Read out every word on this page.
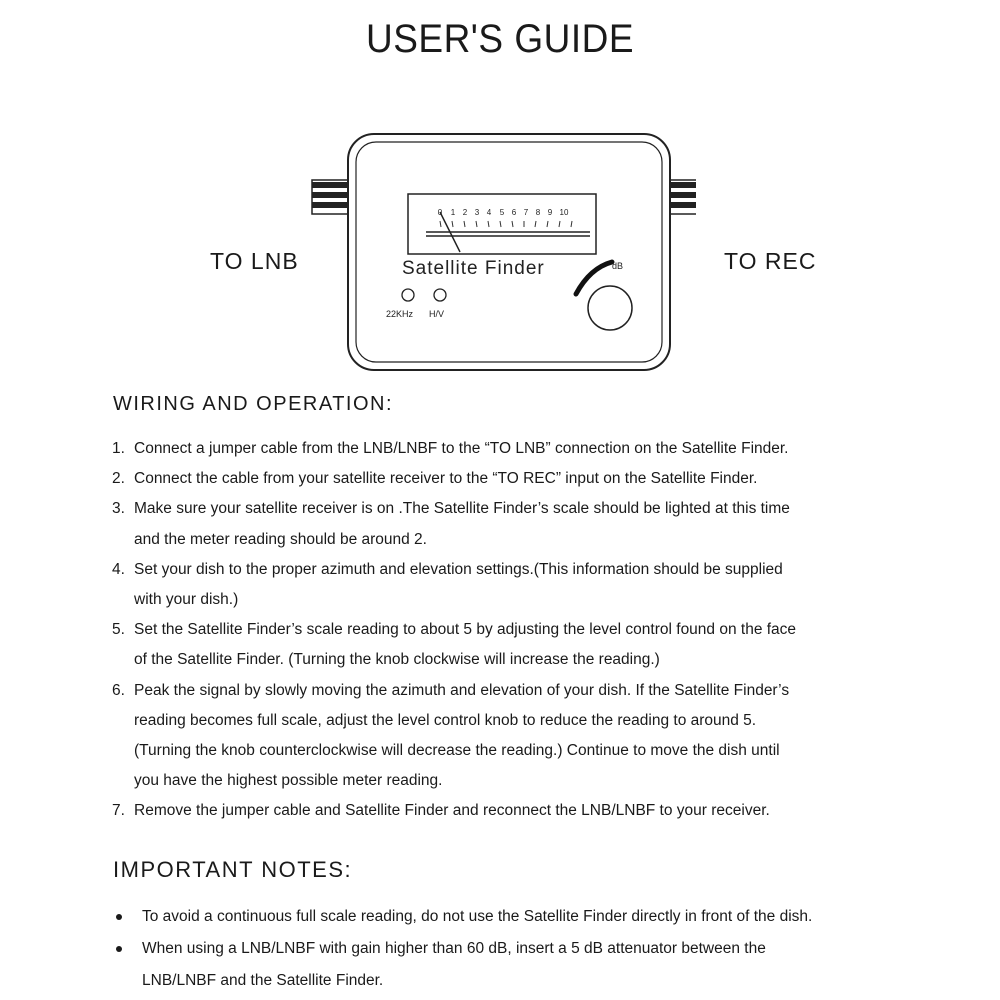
USER'S GUIDE
TO LNB	TO REC
0	1 2 3 4	5 6 7 8 9 10
Satellite Finder	dB
22KHz H/V
WIRING AND OPERATION:
1. Connect a jumper cable from the LNB/LNBF to the “TO LNB” connection on the Satellite Finder.
2. Connect the cable from your satellite receiver to the “TO REC” input on the Satellite Finder.
3. Make sure your satellite receiver is on .The Satellite Finder’s scale should be lighted at this time
and the meter reading should be around 2.
4. Set your dish to the proper azimuth and elevation settings.(This information should be supplied
with your dish.)
5. Set the Satellite Finder’s scale reading to about 5 by adjusting the level control found on the face
of the Satellite Finder. (Turning the knob clockwise will increase the reading.)
6. Peak the signal by slowly moving the azimuth and elevation of your dish. If the Satellite Finder’s
reading becomes full scale, adjust the level control knob to reduce the reading to around 5.
(Turning the knob counterclockwise will decrease the reading.) Continue to move the dish until
you have the highest possible meter reading.
7. Remove the jumper cable and Satellite Finder and reconnect the LNB/LNBF to your receiver.
IMPORTANT NOTES:
To avoid a continuous full scale reading, do not use the Satellite Finder directly in front of the dish.
When using a LNB/LNBF with gain higher than 60 dB, insert a 5 dB attenuator between the
LNB/LNBF and the Satellite Finder.
